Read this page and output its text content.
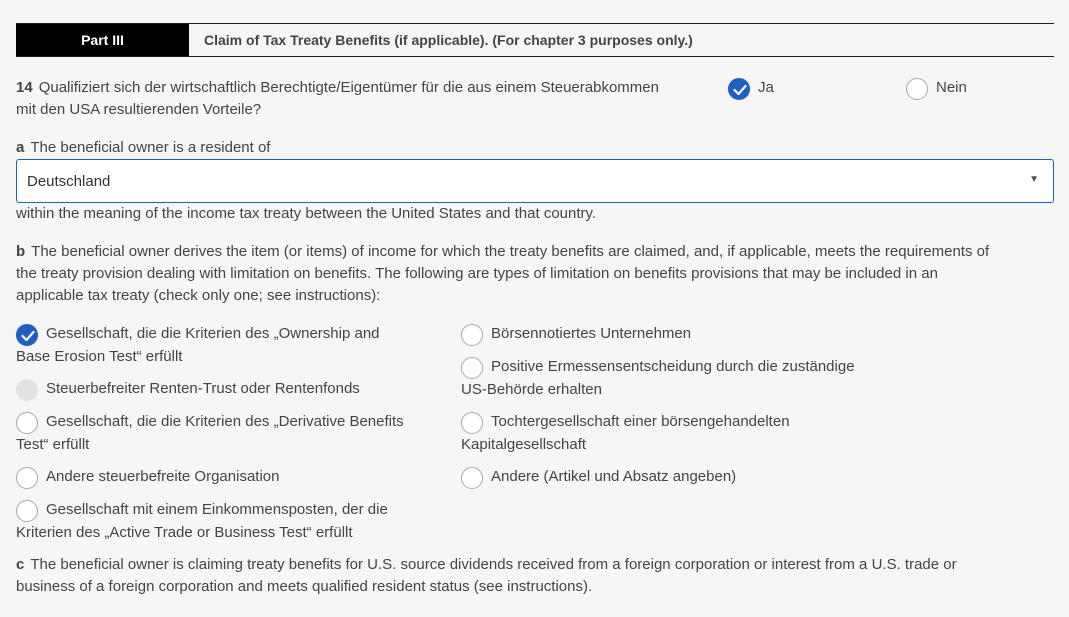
Part III	Claim of Tax Treaty Benefits (if applicable). (For chapter 3 purposes only.)
14 Qualifiziert sich der wirtschaftlich Berechtigte/Eigentümer für die aus einem Steuerabkommen
mit den USA resultierenden Vorteile?
Ja	Nein
a The beneficial owner is a resident of
Deutschland	▼
within the meaning of the income tax treaty between the United States and that country.
b The beneficial owner derives the item (or items) of income for which the treaty benefits are claimed, and, if applicable, meets the requirements of
the treaty provision dealing with limitation on benefits. The following are types of limitation on benefits provisions that may be included in an
applicable tax treaty (check only one; see instructions):
Gesellschaft, die die Kriterien des „Ownership and
Base Erosion Test“ erfüllt
Steuerbefreiter Renten-Trust oder Rentenfonds
Gesellschaft, die die Kriterien des „Derivative Benefits
Test“ erfüllt
Andere steuerbefreite Organisation
Gesellschaft mit einem Einkommensposten, der die
Kriterien des „Active Trade or Business Test“ erfüllt
Börsennotiertes Unternehmen
Positive Ermessensentscheidung durch die zuständige
US-Behörde erhalten
Tochtergesellschaft einer börsengehandelten
Kapitalgesellschaft
Andere (Artikel und Absatz angeben)
c The beneficial owner is claiming treaty benefits for U.S. source dividends received from a foreign corporation or interest from a U.S. trade or
business of a foreign corporation and meets qualified resident status (see instructions).
